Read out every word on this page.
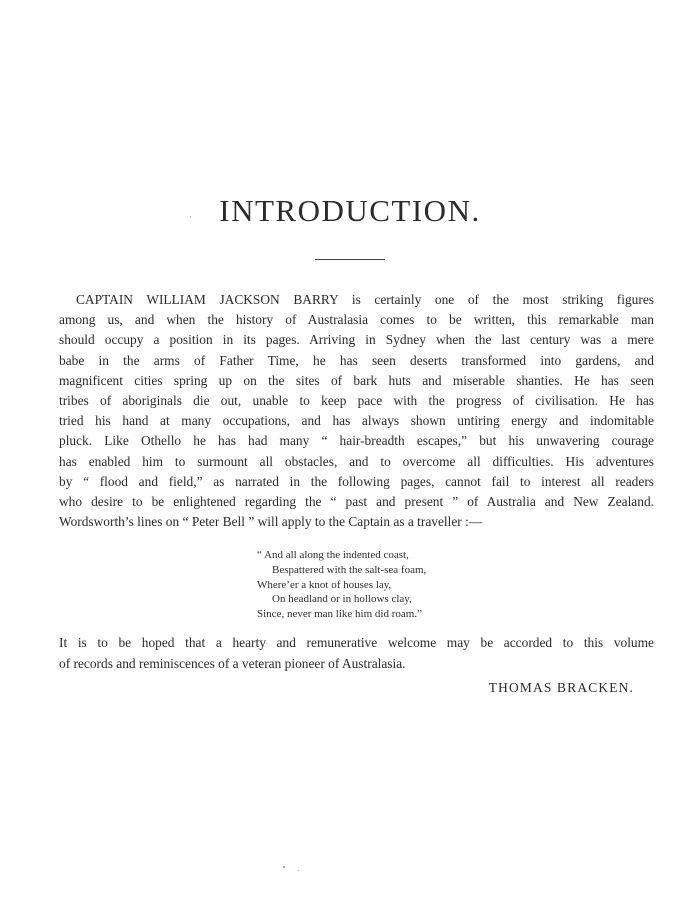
INTRODUCTION.
CAPTAIN WILLIAM JACKSON BARRY is certainly one of the most striking figures
among us, and when the history of Australasia comes to be written, this remarkable man
should occupy a position in its pages. Arriving in Sydney when the last century was a mere
babe in the arms of Father Time, he has seen deserts transformed into gardens, and
magnificent cities spring up on the sites of bark huts and miserable shanties. He has seen
tribes of aboriginals die out, unable to keep pace with the progress of civilisation. He has
tried his hand at many occupations, and has always shown untiring energy and indomitable
pluck. Like Othello he has had many “ hair-breadth escapes,” but his unwavering courage
has enabled him to surmount all obstacles, and to overcome all difficulties. His adventures
by “ flood and field,” as narrated in the following pages, cannot fail to interest all readers
who desire to be enlightened regarding the “ past and present ” of Australia and New Zealand.
Wordsworth’s lines on “ Peter Bell ” will apply to the Captain as a traveller :—
“ And all along the indented coast,
Bespattered with the salt-sea foam,
Where’er a knot of houses lay,
On headland or in hollows clay,
Since, never man like him did roam.”
It is to be hoped that a hearty and remunerative welcome may be accorded to this volume
of records and reminiscences of a veteran pioneer of Australasia.
THOMAS BRACKEN.
